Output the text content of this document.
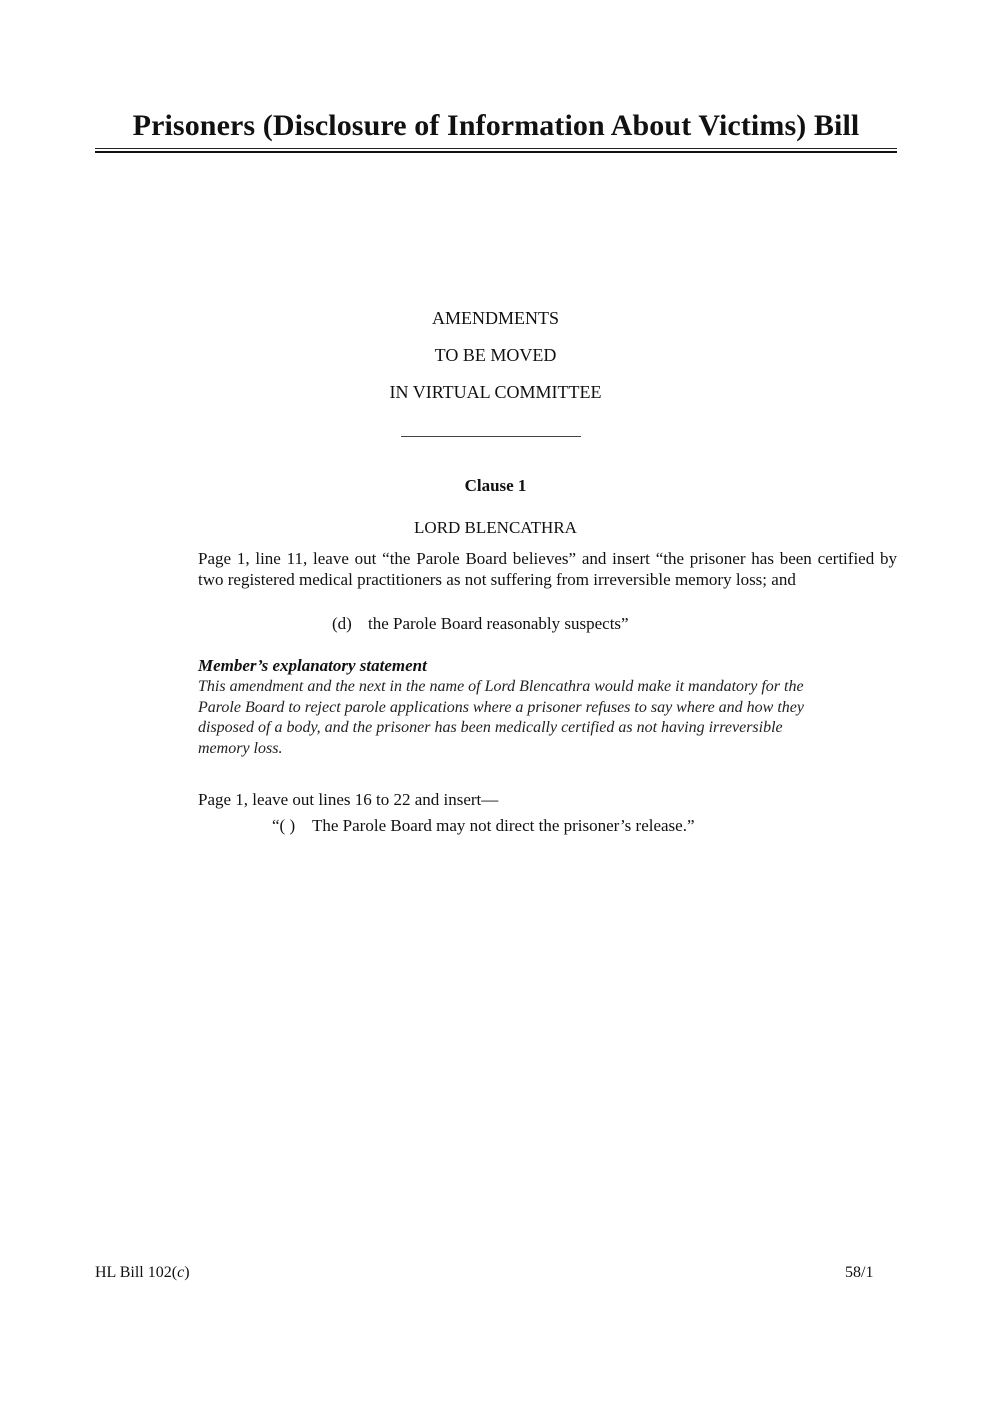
Prisoners (Disclosure of Information About Victims) Bill
AMENDMENTS
TO BE MOVED
IN VIRTUAL COMMITTEE
Clause 1
LORD BLENCATHRA
Page 1, line 11, leave out “the Parole Board believes” and insert “the prisoner has been certified by two registered medical practitioners as not suffering from irreversible memory loss; and
(d) the Parole Board reasonably suspects”
Member’s explanatory statement
This amendment and the next in the name of Lord Blencathra would make it mandatory for the
Parole Board to reject parole applications where a prisoner refuses to say where and how they
disposed of a body, and the prisoner has been medically certified as not having irreversible
memory loss.
Page 1, leave out lines 16 to 22 and insert—
“( ) The Parole Board may not direct the prisoner’s release.”
HL Bill 102(c)	58/1
